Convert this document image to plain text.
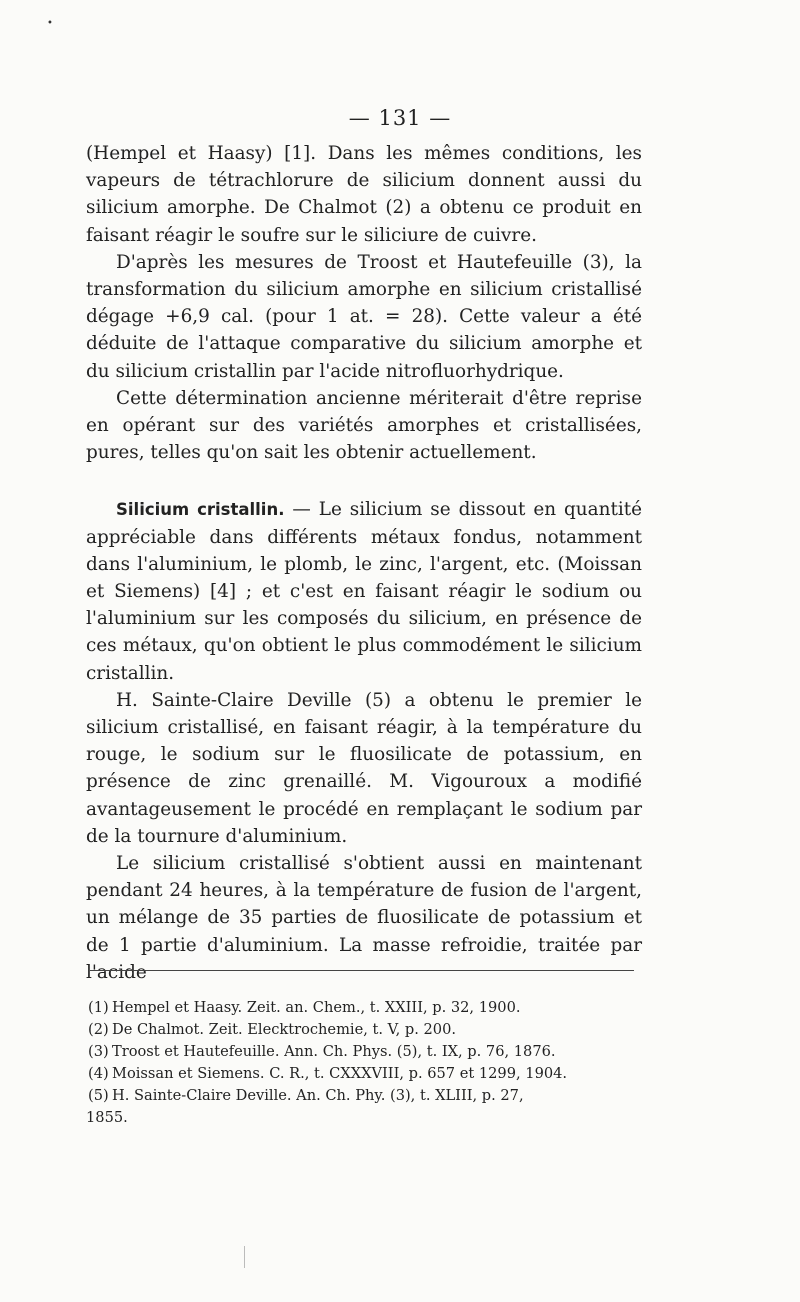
•
— 131 —

(Hempel et Haasy) [1]. Dans les mêmes conditions, les vapeurs de tétrachlorure de silicium donnent aussi du silicium amorphe. De Chalmot (2) a obtenu ce produit en faisant réagir le soufre sur le siliciure de cuivre.

D'après les mesures de Troost et Hautefeuille (3), la transformation du silicium amorphe en silicium cristallisé dégage +6,9 cal. (pour 1 at. = 28). Cette valeur a été déduite de l'attaque comparative du silicium amorphe et du silicium cristallin par l'acide nitrofluorhydrique.

Cette détermination ancienne mériterait d'être reprise en opérant sur des variétés amorphes et cristallisées, pures, telles qu'on sait les obtenir actuellement.

Silicium cristallin. — Le silicium se dissout en quantité appréciable dans différents métaux fondus, notamment dans l'aluminium, le plomb, le zinc, l'argent, etc. (Moissan et Siemens) [4] ; et c'est en faisant réagir le sodium ou l'aluminium sur les composés du silicium, en présence de ces métaux, qu'on obtient le plus commodément le silicium cristallin.

H. Sainte-Claire Deville (5) a obtenu le premier le silicium cristallisé, en faisant réagir, à la température du rouge, le sodium sur le fluosilicate de potassium, en présence de zinc grenaillé. M. Vigouroux a modifié avantageusement le procédé en remplaçant le sodium par de la tournure d'aluminium.

Le silicium cristallisé s'obtient aussi en maintenant pendant 24 heures, à la température de fusion de l'argent, un mélange de 35 parties de fluosilicate de potassium et de 1 partie d'aluminium. La masse refroidie, traitée par l'acide

(1) Hempel et Haasy. Zeit. an. Chem., t. XXIII, p. 32, 1900.
(2) De Chalmot. Zeit. Elecktrochemie, t. V, p. 200.
(3) Troost et Hautefeuille. Ann. Ch. Phys. (5), t. IX, p. 76, 1876.
(4) Moissan et Siemens. C. R., t. CXXXVIII, p. 657 et 1299, 1904.
(5) H. Sainte-Claire Deville. An. Ch. Phy. (3), t. XLIII, p. 27,
1855.
